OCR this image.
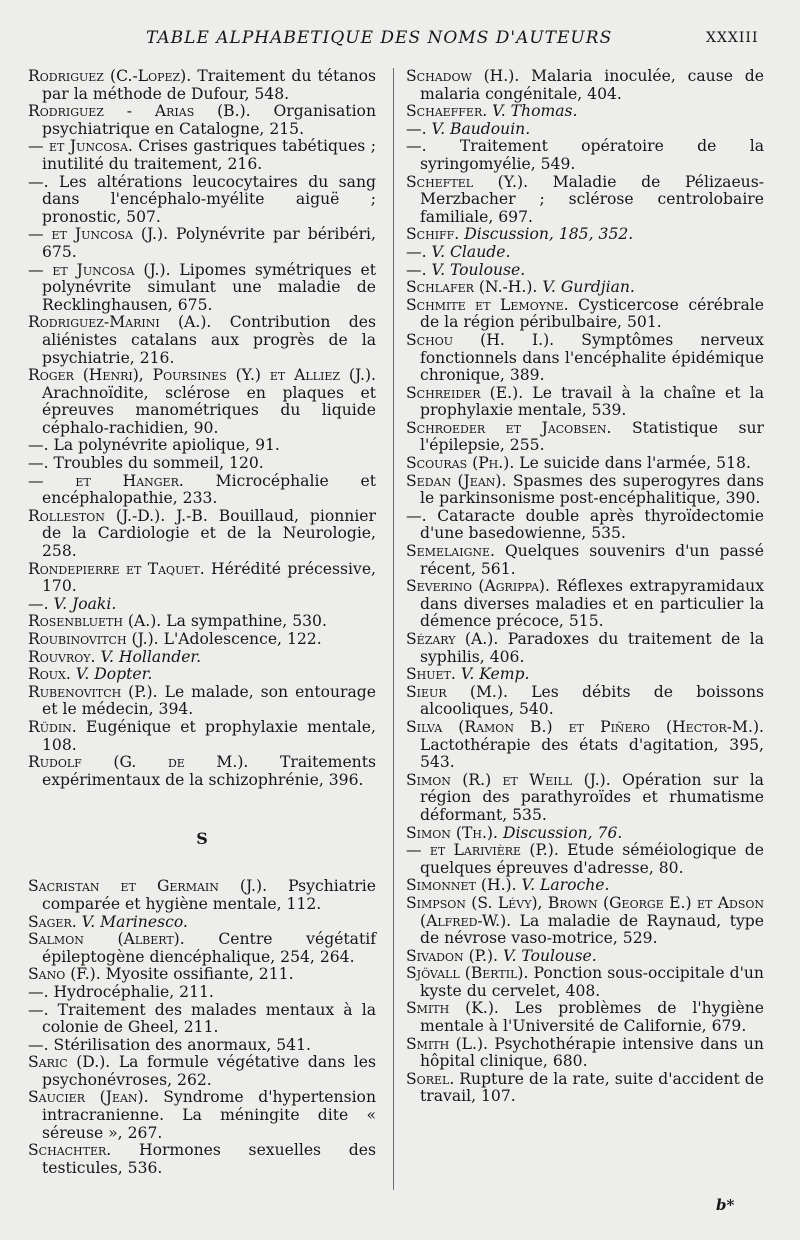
TABLE ALPHABETIQUE DES NOMS D'AUTEURS	XXXIII

Rodriguez (C.-Lopez). Traitement du tétanos par la méthode de Dufour, 548.

Rodriguez - Arias (B.). Organisation psychiatrique en Catalogne, 215.

— et Juncosa. Crises gastriques tabétiques ; inutilité du traitement, 216.

—. Les altérations leucocytaires du sang dans l'encéphalo-myélite aiguë ; pronostic, 507.

— et Juncosa (J.). Polynévrite par béribéri, 675.

— et Juncosa (J.). Lipomes symétriques et polynévrite simulant une maladie de Recklinghausen, 675.

Rodriguez-Marini (A.). Contribution des aliénistes catalans aux progrès de la psychiatrie, 216.

Roger (Henri), Poursines (Y.) et Alliez (J.). Arachnoïdite, sclérose en plaques et épreuves manométriques du liquide céphalo-rachidien, 90.

—. La polynévrite apiolique, 91.

—. Troubles du sommeil, 120.

— et Hanger. Microcéphalie et encéphalopathie, 233.

Rolleston (J.-D.). J.-B. Bouillaud, pionnier de la Cardiologie et de la Neurologie, 258.

Rondepierre et Taquet. Hérédité précessive, 170.

—. V. Joaki.

Rosenblueth (A.). La sympathine, 530.

Roubinovitch (J.). L'Adolescence, 122.

Rouvroy. V. Hollander.

Roux. V. Dopter.

Rubenovitch (P.). Le malade, son entourage et le médecin, 394.

Rüdin. Eugénique et prophylaxie mentale, 108.

Rudolf (G. de M.). Traitements expérimentaux de la schizophrénie, 396.

S

Sacristan et Germain (J.). Psychiatrie comparée et hygiène mentale, 112.

Sager. V. Marinesco.

Salmon (Albert). Centre végétatif épileptogène diencéphalique, 254, 264.

Sano (F.). Myosite ossifiante, 211.

—. Hydrocéphalie, 211.

—. Traitement des malades mentaux à la colonie de Gheel, 211.

—. Stérilisation des anormaux, 541.

Saric (D.). La formule végétative dans les psychonévroses, 262.

Saucier (Jean). Syndrome d'hypertension intracranienne. La méningite dite « séreuse », 267.

Schachter. Hormones sexuelles des testicules, 536.

Schadow (H.). Malaria inoculée, cause de malaria congénitale, 404.

Schaeffer. V. Thomas.

—. V. Baudouin.

—. Traitement opératoire de la syringomyélie, 549.

Scheftel (Y.). Maladie de Pélizaeus-Merzbacher ; sclérose centrolobaire familiale, 697.

Schiff. Discussion, 185, 352.

—. V. Claude.

—. V. Toulouse.

Schlafer (N.-H.). V. Gurdjian.

Schmite et Lemoyne. Cysticercose cérébrale de la région péribulbaire, 501.

Schou (H. I.). Symptômes nerveux fonctionnels dans l'encéphalite épidémique chronique, 389.

Schreider (E.). Le travail à la chaîne et la prophylaxie mentale, 539.

Schroeder et Jacobsen. Statistique sur l'épilepsie, 255.

Scouras (Ph.). Le suicide dans l'armée, 518.

Sedan (Jean). Spasmes des superogyres dans le parkinsonisme post-encéphalitique, 390.

—. Cataracte double après thyroïdectomie d'une basedowienne, 535.

Semelaigne. Quelques souvenirs d'un passé récent, 561.

Severino (Agrippa). Réflexes extrapyramidaux dans diverses maladies et en particulier la démence précoce, 515.

Sézary (A.). Paradoxes du traitement de la syphilis, 406.

Shuet. V. Kemp.

Sieur (M.). Les débits de boissons alcooliques, 540.

Silva (Ramon B.) et Piñero (Hector-M.). Lactothérapie des états d'agitation, 395, 543.

Simon (R.) et Weill (J.). Opération sur la région des parathyroïdes et rhumatisme déformant, 535.

Simon (Th.). Discussion, 76.

— et Larivière (P.). Etude séméiologique de quelques épreuves d'adresse, 80.

Simonnet (H.). V. Laroche.

Simpson (S. Lévy), Brown (George E.) et Adson (Alfred-W.). La maladie de Raynaud, type de névrose vaso-motrice, 529.

Sivadon (P.). V. Toulouse.

Sjövall (Bertil). Ponction sous-occipitale d'un kyste du cervelet, 408.

Smith (K.). Les problèmes de l'hygiène mentale à l'Université de Californie, 679.

Smith (L.). Psychothérapie intensive dans un hôpital clinique, 680.

Sorel. Rupture de la rate, suite d'accident de travail, 107.

b*
